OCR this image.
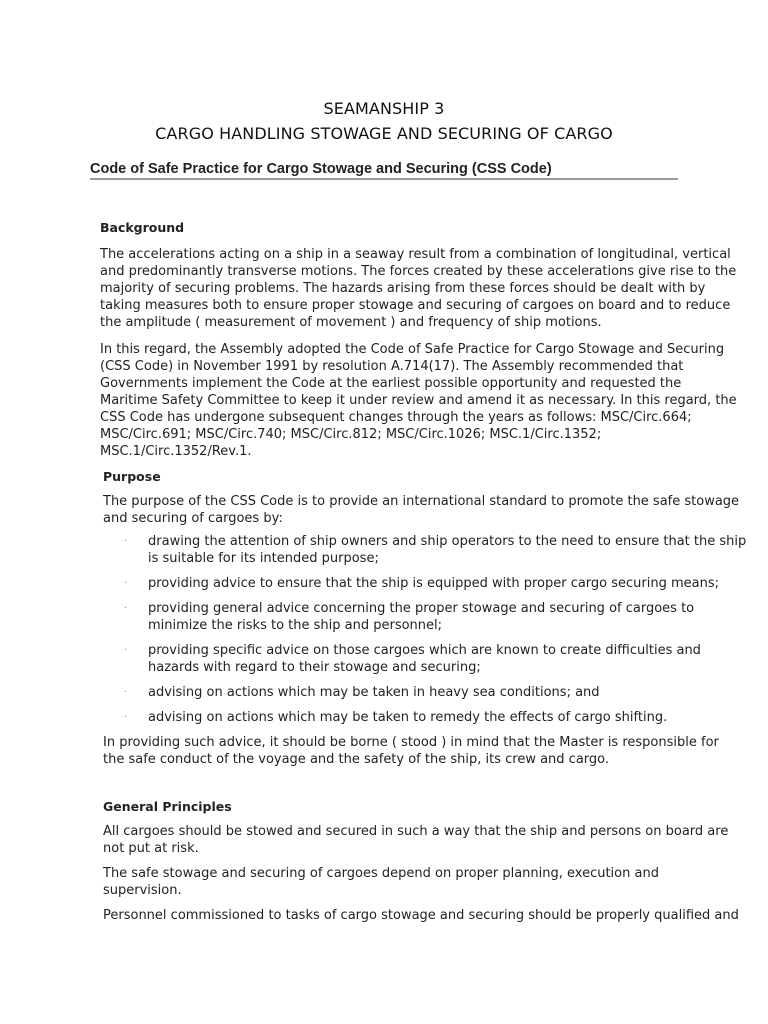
SEAMANSHIP 3
CARGO HANDLING STOWAGE AND SECURING OF CARGO
Code of Safe Practice for Cargo Stowage and Securing (CSS Code)

Background

The accelerations acting on a ship in a seaway result from a combination of longitudinal, vertical and predominantly transverse motions. The forces created by these accelerations give rise to the majority of securing problems. The hazards arising from these forces should be dealt with by taking measures both to ensure proper stowage and securing of cargoes on board and to reduce the amplitude ( measurement of movement ) and frequency of ship motions.

In this regard, the Assembly adopted the Code of Safe Practice for Cargo Stowage and Securing (CSS Code) in November 1991 by resolution A.714(17). The Assembly recommended that Governments implement the Code at the earliest possible opportunity and requested the Maritime Safety Committee to keep it under review and amend it as necessary. In this regard, the CSS Code has undergone subsequent changes through the years as follows: MSC/Circ.664; MSC/Circ.691; MSC/Circ.740; MSC/Circ.812; MSC/Circ.1026; MSC.1/Circ.1352; MSC.1/Circ.1352/Rev.1.

Purpose

The purpose of the CSS Code is to provide an international standard to promote the safe stowage and securing of cargoes by:

· drawing the attention of ship owners and ship operators to the need to ensure that the ship is suitable for its intended purpose;
· providing advice to ensure that the ship is equipped with proper cargo securing means;
· providing general advice concerning the proper stowage and securing of cargoes to minimize the risks to the ship and personnel;
· providing specific advice on those cargoes which are known to create difficulties and hazards with regard to their stowage and securing;
· advising on actions which may be taken in heavy sea conditions; and
· advising on actions which may be taken to remedy the effects of cargo shifting.

In providing such advice, it should be borne ( stood ) in mind that the Master is responsible for the safe conduct of the voyage and the safety of the ship, its crew and cargo.

General Principles

All cargoes should be stowed and secured in such a way that the ship and persons on board are not put at risk.

The safe stowage and securing of cargoes depend on proper planning, execution and supervision.

Personnel commissioned to tasks of cargo stowage and securing should be properly qualified and
